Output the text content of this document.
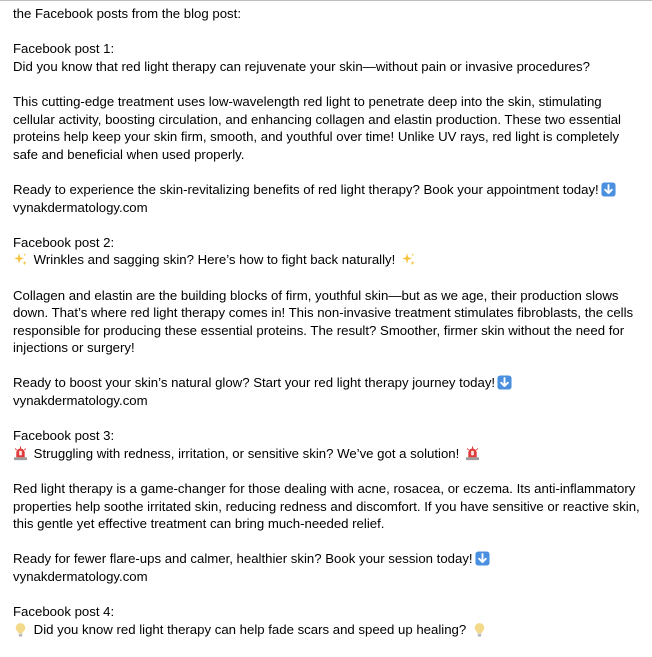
the Facebook posts from the blog post:

Facebook post 1:
Did you know that red light therapy can rejuvenate your skin—without pain or invasive procedures?

This cutting-edge treatment uses low-wavelength red light to penetrate deep into the skin, stimulating cellular activity, boosting circulation, and enhancing collagen and elastin production. These two essential proteins help keep your skin firm, smooth, and youthful over time! Unlike UV rays, red light is completely safe and beneficial when used properly.

Ready to experience the skin-revitalizing benefits of red light therapy? Book your appointment today!
vynakdermatology.com
Facebook post 2:
Wrinkles and sagging skin? Here’s how to fight back naturally!

Collagen and elastin are the building blocks of firm, youthful skin—but as we age, their production slows down. That’s where red light therapy comes in! This non-invasive treatment stimulates fibroblasts, the cells responsible for producing these essential proteins. The result? Smoother, firmer skin without the need for injections or surgery!

Ready to boost your skin’s natural glow? Start your red light therapy journey today!
vynakdermatology.com
Facebook post 3:
Struggling with redness, irritation, or sensitive skin? We’ve got a solution!

Red light therapy is a game-changer for those dealing with acne, rosacea, or eczema. Its anti-inflammatory properties help soothe irritated skin, reducing redness and discomfort. If you have sensitive or reactive skin, this gentle yet effective treatment can bring much-needed relief.

Ready for fewer flare-ups and calmer, healthier skin? Book your session today!
vynakdermatology.com
Facebook post 4:
Did you know red light therapy can help fade scars and speed up healing?
